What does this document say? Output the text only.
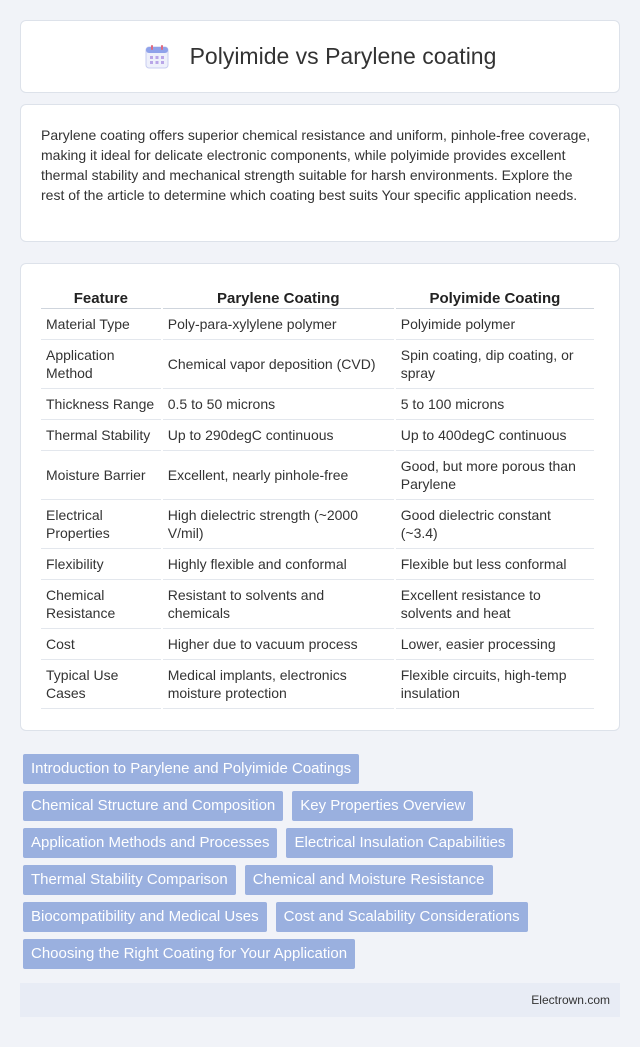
Polyimide vs Parylene coating

Parylene coating offers superior chemical resistance and uniform, pinhole-free coverage, making it ideal for delicate electronic components, while polyimide provides excellent thermal stability and mechanical strength suitable for harsh environments. Explore the rest of the article to determine which coating best suits Your specific application needs.

Feature	Parylene Coating	Polyimide Coating
Material Type	Poly-para-xylylene polymer	Polyimide polymer
Application Method	Chemical vapor deposition (CVD)	Spin coating, dip coating, or spray
Thickness Range	0.5 to 50 microns	5 to 100 microns
Thermal Stability	Up to 290degC continuous	Up to 400degC continuous
Moisture Barrier	Excellent, nearly pinhole-free	Good, but more porous than Parylene
Electrical Properties	High dielectric strength (~2000 V/mil)	Good dielectric constant (~3.4)
Flexibility	Highly flexible and conformal	Flexible but less conformal
Chemical Resistance	Resistant to solvents and chemicals	Excellent resistance to solvents and heat
Cost	Higher due to vacuum process	Lower, easier processing
Typical Use Cases	Medical implants, electronics moisture protection	Flexible circuits, high-temp insulation
Introduction to Parylene and Polyimide Coatings
Chemical Structure and Composition	Key Properties Overview
Application Methods and Processes	Electrical Insulation Capabilities
Thermal Stability Comparison	Chemical and Moisture Resistance
Biocompatibility and Medical Uses	Cost and Scalability Considerations
Choosing the Right Coating for Your Application
Electrown.com
